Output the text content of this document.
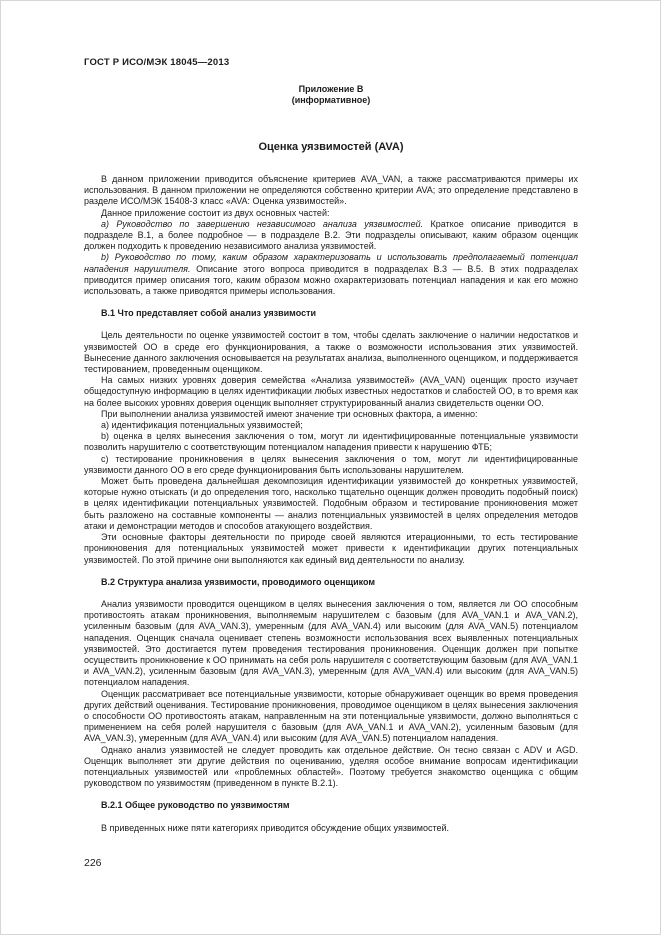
ГОСТ Р ИСО/МЭК 18045—2013
Приложение В
(информативное)
Оценка уязвимостей (AVA)

В данном приложении приводится объяснение критериев AVA_VAN, а также рассматриваются примеры их использования. В данном приложении не определяются собственно критерии AVA; это определение представлено в разделе ИСО/МЭК 15408-3 класс «AVA: Оценка уязвимостей».

Данное приложение состоит из двух основных частей:

a) Руководство по завершению независимого анализа уязвимостей. Краткое описание приводится в подразделе В.1, а более подробное — в подразделе В.2. Эти подразделы описывают, каким образом оценщик должен подходить к проведению независимого анализа уязвимостей.

b) Руководство по тому, каким образом характеризовать и использовать предполагаемый потенциал нападения нарушителя. Описание этого вопроса приводится в подразделах В.3 — В.5. В этих подразделах приводится пример описания того, каким образом можно охарактеризовать потенциал нападения и как его можно использовать, а также приводятся примеры использования.

В.1 Что представляет собой анализ уязвимости

Цель деятельности по оценке уязвимостей состоит в том, чтобы сделать заключение о наличии недостатков и уязвимостей ОО в среде его функционирования, а также о возможности использования этих уязвимостей. Вынесение данного заключения основывается на результатах анализа, выполненного оценщиком, и поддерживается тестированием, проведенным оценщиком.

На самых низких уровнях доверия семейства «Анализа уязвимостей» (AVA_VAN) оценщик просто изучает общедоступную информацию в целях идентификации любых известных недостатков и слабостей ОО, в то время как на более высоких уровнях доверия оценщик выполняет структурированный анализ свидетельств оценки ОО.

При выполнении анализа уязвимостей имеют значение три основных фактора, а именно:

a) идентификация потенциальных уязвимостей;

b) оценка в целях вынесения заключения о том, могут ли идентифицированные потенциальные уязвимости позволить нарушителю с соответствующим потенциалом нападения привести к нарушению ФТБ;

c) тестирование проникновения в целях вынесения заключения о том, могут ли идентифицированные уязвимости данного ОО в его среде функционирования быть использованы нарушителем.

Может быть проведена дальнейшая декомпозиция идентификации уязвимостей до конкретных уязвимостей, которые нужно отыскать (и до определения того, насколько тщательно оценщик должен проводить подобный поиск) в целях идентификации потенциальных уязвимостей. Подобным образом и тестирование проникновения может быть разложено на составные компоненты — анализ потенциальных уязвимостей в целях определения методов атаки и демонстрации методов и способов атакующего воздействия.

Эти основные факторы деятельности по природе своей являются итерационными, то есть тестирование проникновения для потенциальных уязвимостей может привести к идентификации других потенциальных уязвимостей. По этой причине они выполняются как единый вид деятельности по анализу.

В.2 Структура анализа уязвимости, проводимого оценщиком

Анализ уязвимости проводится оценщиком в целях вынесения заключения о том, является ли ОО способным противостоять атакам проникновения, выполняемым нарушителем с базовым (для AVA_VAN.1 и AVA_VAN.2), усиленным базовым (для AVA_VAN.3), умеренным (для AVA_VAN.4) или высоким (для AVA_VAN.5) потенциалом нападения. Оценщик сначала оценивает степень возможности использования всех выявленных потенциальных уязвимостей. Это достигается путем проведения тестирования проникновения. Оценщик должен при попытке осуществить проникновение к ОО принимать на себя роль нарушителя с соответствующим базовым (для AVA_VAN.1 и AVA_VAN.2), усиленным базовым (для AVA_VAN.3), умеренным (для AVA_VAN.4) или высоким (для AVA_VAN.5) потенциалом нападения.

Оценщик рассматривает все потенциальные уязвимости, которые обнаруживает оценщик во время проведения других действий оценивания. Тестирование проникновения, проводимое оценщиком в целях вынесения заключения о способности ОО противостоять атакам, направленным на эти потенциальные уязвимости, должно выполняться с применением на себя ролей нарушителя с базовым (для AVA_VAN.1 и AVA_VAN.2), усиленным базовым (для AVA_VAN.3), умеренным (для AVA_VAN.4) или высоким (для AVA_VAN.5) потенциалом нападения.

Однако анализ уязвимостей не следует проводить как отдельное действие. Он тесно связан с ADV и AGD. Оценщик выполняет эти другие действия по оцениванию, уделяя особое внимание вопросам идентификации потенциальных уязвимостей или «проблемных областей». Поэтому требуется знакомство оценщика с общим руководством по уязвимостям (приведенном в пункте В.2.1).

В.2.1 Общее руководство по уязвимостям

В приведенных ниже пяти категориях приводится обсуждение общих уязвимостей.

226
